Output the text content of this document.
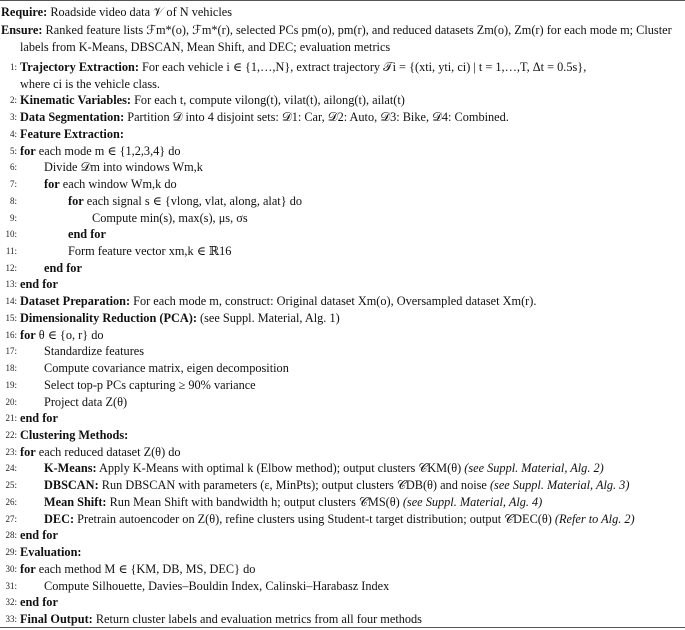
Require: Roadside video data 𝒱 of N vehicles
Ensure: Ranked feature lists ℱm*(o), ℱm*(r), selected PCs pm(o), pm(r), and reduced datasets Zm(o), Zm(r) for each mode m; Cluster
labels from K-Means, DBSCAN, Mean Shift, and DEC; evaluation metrics
1: Trajectory Extraction: For each vehicle i ∈ {1,…,N}, extract trajectory 𝒯i = {(xti, yti, ci) | t = 1,…,T, Δt = 0.5s},
where ci is the vehicle class.
2: Kinematic Variables: For each t, compute vilong(t), vilat(t), ailong(t), ailat(t)
3: Data Segmentation: Partition 𝒟 into 4 disjoint sets: 𝒟1: Car, 𝒟2: Auto, 𝒟3: Bike, 𝒟4: Combined.
4: Feature Extraction:
5: for each mode m ∈ {1,2,3,4} do
6: Divide 𝒟m into windows Wm,k
7: for each window Wm,k do
8:	for each signal s ∈ {vlong, vlat, along, alat} do
9:	Compute min(s), max(s), μs, σs
10:	end for
11:	Form feature vector xm,k ∈ ℝ16
12: end for
13: end for
14: Dataset Preparation: For each mode m, construct: Original dataset Xm(o), Oversampled dataset Xm(r).
15: Dimensionality Reduction (PCA): (see Suppl. Material, Alg. 1)
16: for θ ∈ {o, r} do
17: Standardize features
18: Compute covariance matrix, eigen decomposition
19: Select top-p PCs capturing ≥ 90% variance
20: Project data Z(θ)
21: end for
22: Clustering Methods:
23: for each reduced dataset Z(θ) do
24: K-Means: Apply K-Means with optimal k (Elbow method); output clusters 𝒞KM(θ) (see Suppl. Material, Alg. 2)
25: DBSCAN: Run DBSCAN with parameters (ε, MinPts); output clusters 𝒞DB(θ) and noise (see Suppl. Material, Alg. 3)
26: Mean Shift: Run Mean Shift with bandwidth h; output clusters 𝒞MS(θ) (see Suppl. Material, Alg. 4)
27: DEC: Pretrain autoencoder on Z(θ), refine clusters using Student-t target distribution; output 𝒞DEC(θ) (Refer to Alg. 2)
28: end for
29: Evaluation:
30: for each method M ∈ {KM, DB, MS, DEC} do
31: Compute Silhouette, Davies–Bouldin Index, Calinski–Harabasz Index
32: end for
33: Final Output: Return cluster labels and evaluation metrics from all four methods
